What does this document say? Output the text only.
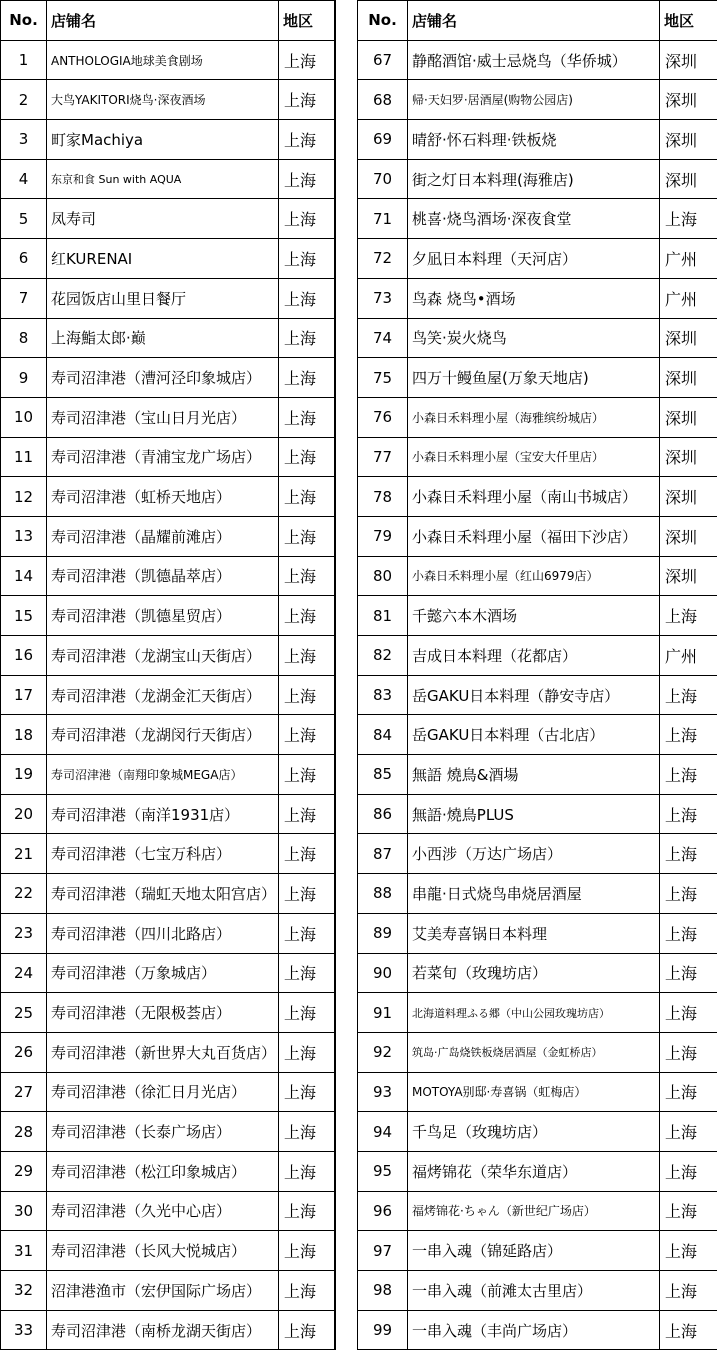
No.	店铺名	地区
1	ANTHOLOGIA地球美食剧场	上海
2	大鸟YAKITORI烧鸟·深夜酒场	上海
3	町家Machiya	上海
4	东京和食 Sun with AQUA	上海
5	凤寿司	上海
6	红KURENAI	上海
7	花园饭店山里日餐厅	上海
8	上海鮨太郎·巅	上海
9	寿司沼津港（漕河泾印象城店）	上海
10	寿司沼津港（宝山日月光店）	上海
11	寿司沼津港（青浦宝龙广场店）	上海
12	寿司沼津港（虹桥天地店）	上海
13	寿司沼津港（晶耀前滩店）	上海
14	寿司沼津港（凯德晶萃店）	上海
15	寿司沼津港（凯德星贸店）	上海
16	寿司沼津港（龙湖宝山天街店）	上海
17	寿司沼津港（龙湖金汇天街店）	上海
18	寿司沼津港（龙湖闵行天街店）	上海
19	寿司沼津港（南翔印象城MEGA店）	上海
20	寿司沼津港（南洋1931店）	上海
21	寿司沼津港（七宝万科店）	上海
22	寿司沼津港（瑞虹天地太阳宫店）	上海
23	寿司沼津港（四川北路店）	上海
24	寿司沼津港（万象城店）	上海
25	寿司沼津港（无限极荟店）	上海
26	寿司沼津港（新世界大丸百货店）	上海
27	寿司沼津港（徐汇日月光店）	上海
28	寿司沼津港（长泰广场店）	上海
29	寿司沼津港（松江印象城店）	上海
30	寿司沼津港（久光中心店）	上海
31	寿司沼津港（长风大悦城店）	上海
32	沼津港渔市（宏伊国际广场店）	上海
33	寿司沼津港（南桥龙湖天街店）	上海
No.	店铺名	地区
67	静酩酒馆·威士忌烧鸟（华侨城）	深圳
68	帰·天妇罗·居酒屋(购物公园店)	深圳
69	晴舒·怀石料理·铁板烧	深圳
70	街之灯日本料理(海雅店)	深圳
71	桃喜·烧鸟酒场·深夜食堂	上海
72	夕凪日本料理（天河店）	广州
73	鸟森 烧鸟•酒场	广州
74	鸟笑·炭火烧鸟	深圳
75	四万十鳗鱼屋(万象天地店)	深圳
76	小森日禾料理小屋（海雅缤纷城店）	深圳
77	小森日禾料理小屋（宝安大仟里店）	深圳
78	小森日禾料理小屋（南山书城店）	深圳
79	小森日禾料理小屋（福田下沙店）	深圳
80	小森日禾料理小屋（红山6979店）	深圳
81	千懿六本木酒场	上海
82	吉成日本料理（花都店）	广州
83	岳GAKU日本料理（静安寺店）	上海
84	岳GAKU日本料理（古北店）	上海
85	無語 燒鳥&酒場	上海
86	無語·燒鳥PLUS	上海
87	小西涉（万达广场店）	上海
88	串龍·日式烧鸟串烧居酒屋	上海
89	艾美寿喜锅日本料理	上海
90	若菜旬（玫瑰坊店）	上海
91	北海道料理ふる郷（中山公园玫瑰坊店）	上海
92	筑岛·广岛烧铁板烧居酒屋（金虹桥店）	上海
93	MOTOYA别邸·寿喜锅（虹梅店）	上海
94	千鸟足（玫瑰坊店）	上海
95	福烤锦花（荣华东道店）	上海
96	福烤锦花·ちゃん（新世纪广场店）	上海
97	一串入魂（锦延路店）	上海
98	一串入魂（前滩太古里店）	上海
99	一串入魂（丰尚广场店）	上海
